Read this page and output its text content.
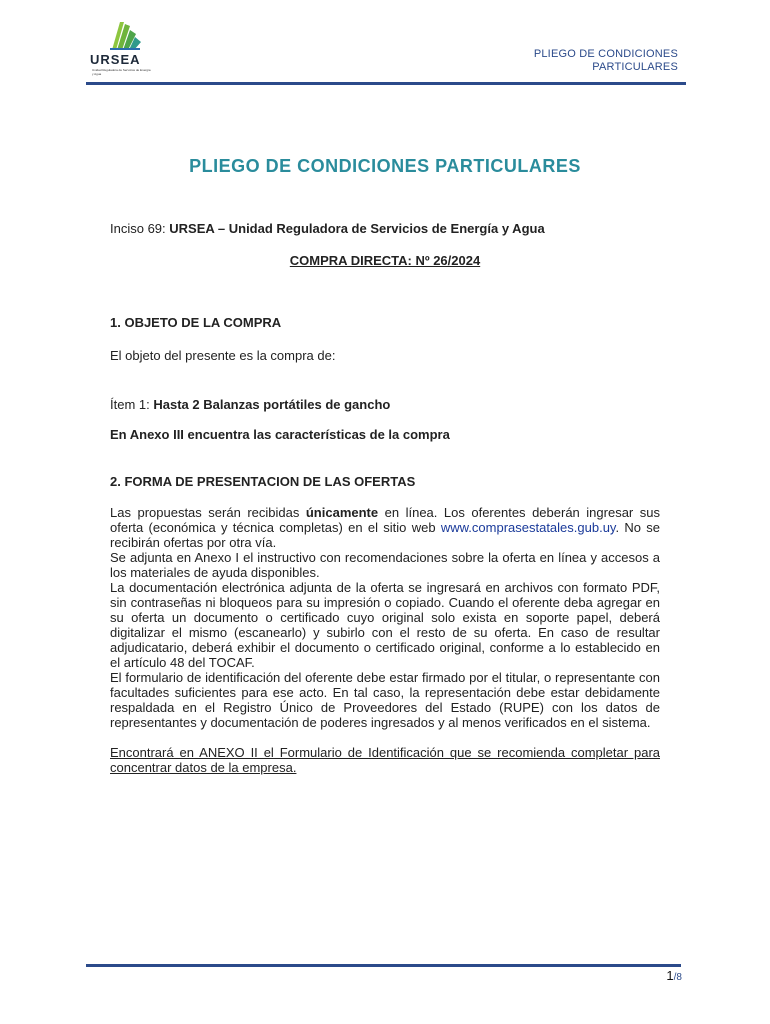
URSEA
Unidad Reguladora de Servicios de Energía y Agua
PLIEGO DE CONDICIONES
PARTICULARES
PLIEGO DE CONDICIONES PARTICULARES
Inciso 69: URSEA – Unidad Reguladora de Servicios de Energía y Agua
COMPRA DIRECTA: Nº 26/2024
1. OBJETO DE LA COMPRA
El objeto del presente es la compra de:
Ítem 1: Hasta 2 Balanzas portátiles de gancho
En Anexo III encuentra las características de la compra
2. FORMA DE PRESENTACION DE LAS OFERTAS
Las propuestas serán recibidas únicamente en línea. Los oferentes deberán ingresar sus oferta (económica y técnica completas) en el sitio web www.comprasestatales.gub.uy. No se recibirán ofertas por otra vía.
Se adjunta en Anexo I el instructivo con recomendaciones sobre la oferta en línea y accesos a los materiales de ayuda disponibles.
La documentación electrónica adjunta de la oferta se ingresará en archivos con formato PDF, sin contraseñas ni bloqueos para su impresión o copiado. Cuando el oferente deba agregar en su oferta un documento o certificado cuyo original solo exista en soporte papel, deberá digitalizar el mismo (escanearlo) y subirlo con el resto de su oferta. En caso de resultar adjudicatario, deberá exhibir el documento o certificado original, conforme a lo establecido en el artículo 48 del TOCAF.
El formulario de identificación del oferente debe estar firmado por el titular, o representante con facultades suficientes para ese acto. En tal caso, la representación debe estar debidamente respaldada en el Registro Único de Proveedores del Estado (RUPE) con los datos de representantes y documentación de poderes ingresados y al menos verificados en el sistema.
Encontrará en ANEXO II el Formulario de Identificación que se recomienda completar para concentrar datos de la empresa.
1/8
